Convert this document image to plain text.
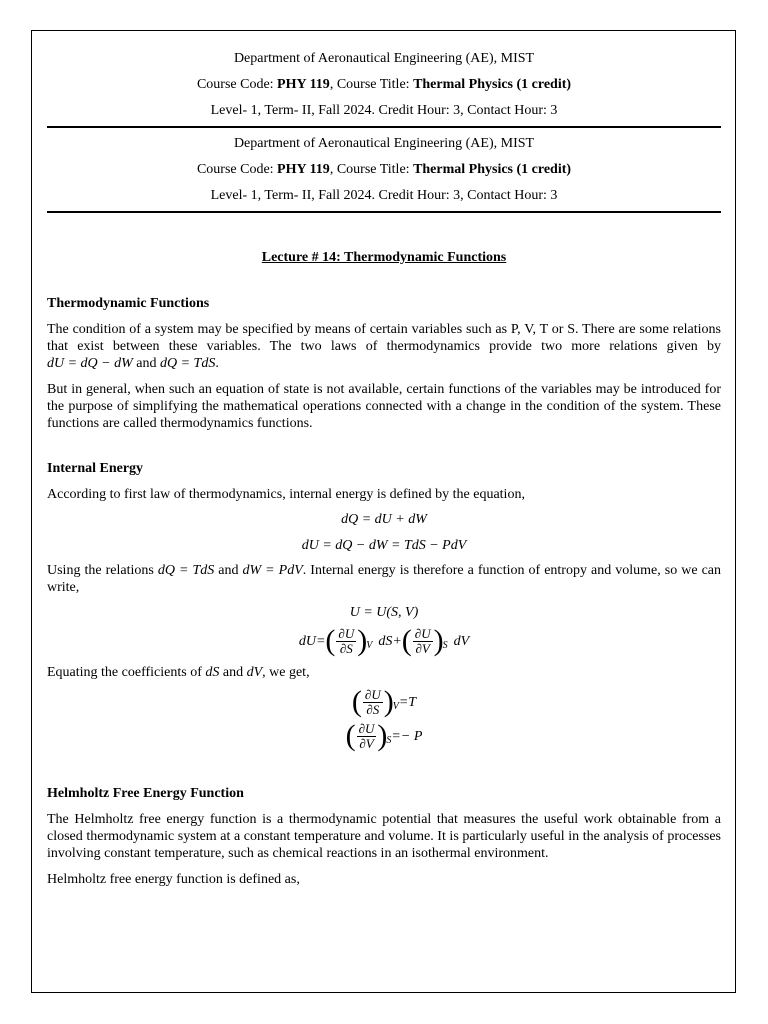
Department of Aeronautical Engineering (AE), MIST

Course Code: PHY 119, Course Title: Thermal Physics (1 credit)

Level- 1, Term- II, Fall 2024. Credit Hour: 3, Contact Hour: 3

Department of Aeronautical Engineering (AE), MIST

Course Code: PHY 119, Course Title: Thermal Physics (1 credit)

Level- 1, Term- II, Fall 2024. Credit Hour: 3, Contact Hour: 3

Lecture # 14: Thermodynamic Functions

Thermodynamic Functions

The condition of a system may be specified by means of certain variables such as P, V, T or S. There are some relations that exist between these variables. The two laws of thermodynamics provide two more relations given by dU = dQ − dW and dQ = TdS.

But in general, when such an equation of state is not available, certain functions of the variables may be introduced for the purpose of simplifying the mathematical operations connected with a change in the condition of the system. These functions are called thermodynamics functions.

Internal Energy

According to first law of thermodynamics, internal energy is defined by the equation,

dQ = dU + dW

dU = dQ − dW = TdS − PdV

Using the relations dQ = TdS and dW = PdV. Internal energy is therefore a function of entropy and volume, so we can write,

U = U(S, V)

dU= ( $\frac{\partial U}{\partial S}$ ) V dS+ ( $\frac{\partial U}{\partial V}$ ) S dV

Equating the coefficients of dS and dV, we get,

( $\frac{\partial U}{\partial S}$ ) V =T
( $\frac{\partial U}{\partial V}$ ) S =− P

Helmholtz Free Energy Function

The Helmholtz free energy function is a thermodynamic potential that measures the useful work obtainable from a closed thermodynamic system at a constant temperature and volume. It is particularly useful in the analysis of processes involving constant temperature, such as chemical reactions in an isothermal environment.

Helmholtz free energy function is defined as,
